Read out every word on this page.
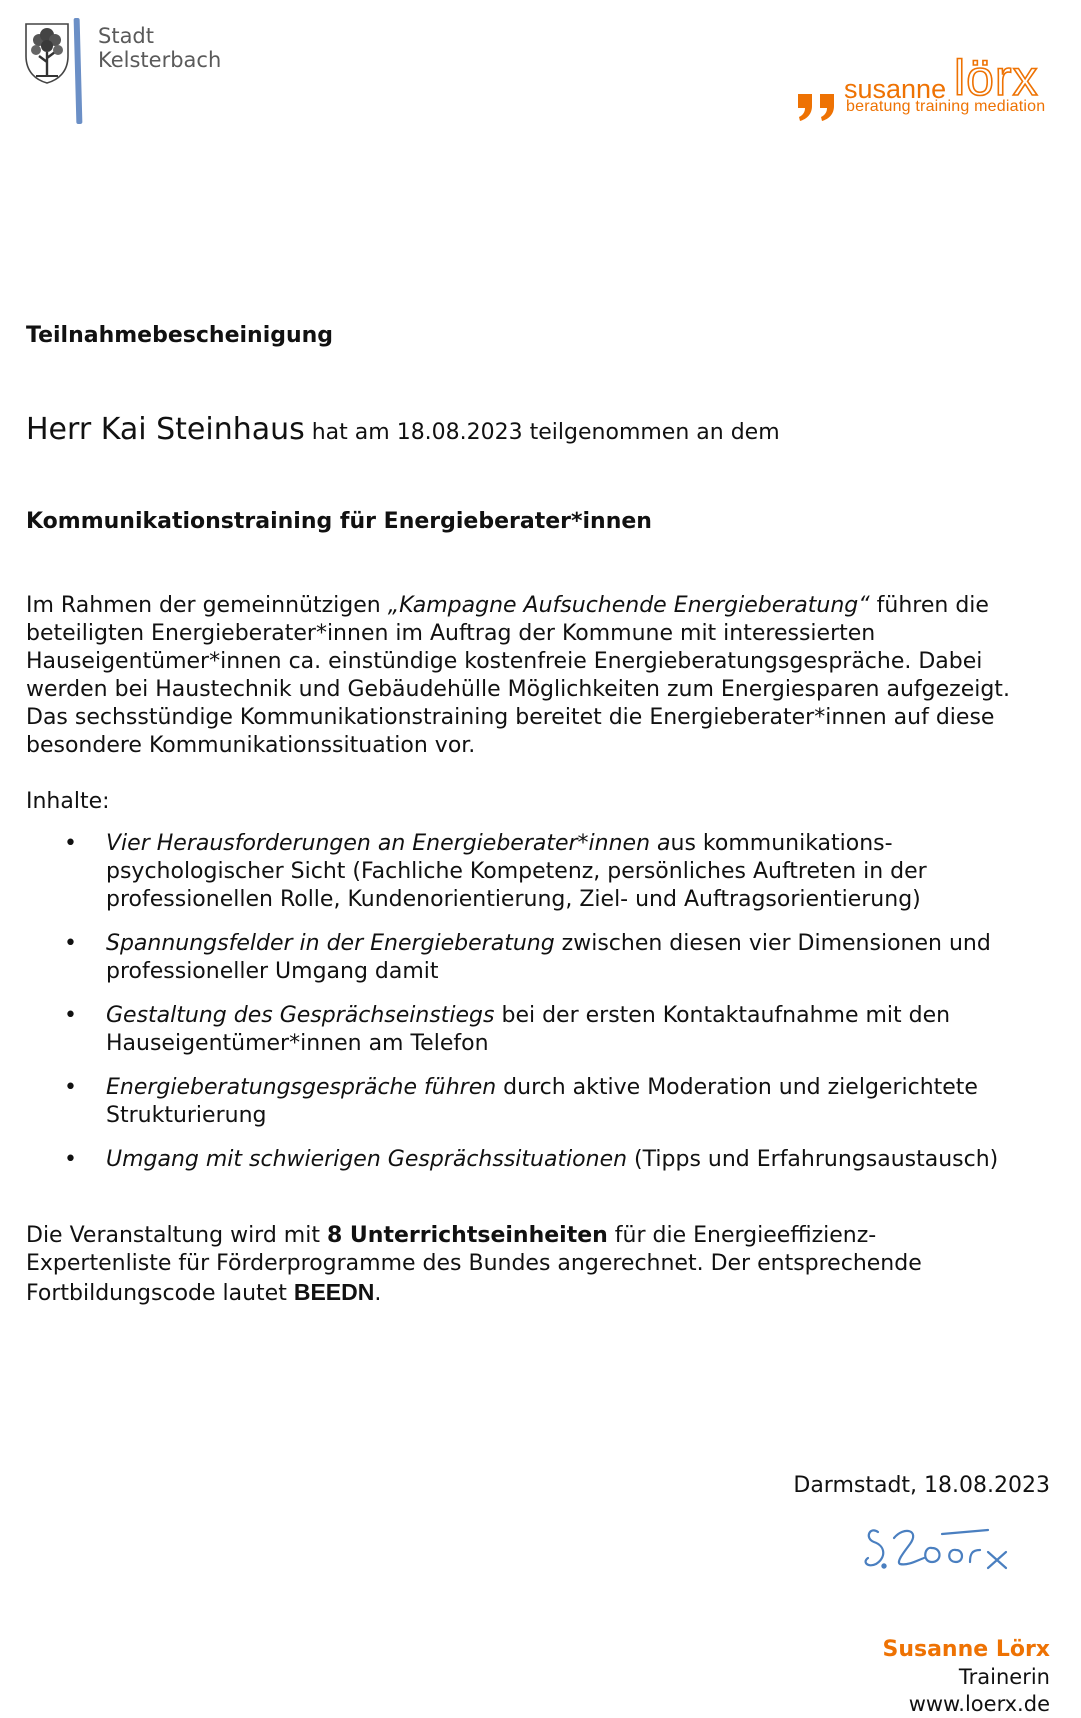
Stadt
Kelsterbach
susanne lörx
beratung training mediation
Teilnahmebescheinigung
Herr Kai Steinhaus hat am 18.08.2023 teilgenommen an dem
Kommunikationstraining für Energieberater*innen
Im Rahmen der gemeinnützigen „Kampagne Aufsuchende Energieberatung“ führen die
beteiligten Energieberater*innen im Auftrag der Kommune mit interessierten
Hauseigentümer*innen ca. einstündige kostenfreie Energieberatungsgespräche. Dabei
werden bei Haustechnik und Gebäudehülle Möglichkeiten zum Energiesparen aufgezeigt.
Das sechsstündige Kommunikationstraining bereitet die Energieberater*innen auf diese
besondere Kommunikationssituation vor.
Inhalte:
• Vier Herausforderungen an Energieberater*innen aus kommunikations-
psychologischer Sicht (Fachliche Kompetenz, persönliches Auftreten in der
professionellen Rolle, Kundenorientierung, Ziel- und Auftragsorientierung)
• Spannungsfelder in der Energieberatung zwischen diesen vier Dimensionen und
professioneller Umgang damit
• Gestaltung des Gesprächseinstiegs bei der ersten Kontaktaufnahme mit den
Hauseigentümer*innen am Telefon
• Energieberatungsgespräche führen durch aktive Moderation und zielgerichtete
Strukturierung
• Umgang mit schwierigen Gesprächssituationen (Tipps und Erfahrungsaustausch)
Die Veranstaltung wird mit 8 Unterrichtseinheiten für die Energieeffizienz-
Expertenliste für Förderprogramme des Bundes angerechnet. Der entsprechende
Fortbildungscode lautet BEEDN.
Darmstadt, 18.08.2023
Susanne Lörx
Trainerin
www.loerx.de
